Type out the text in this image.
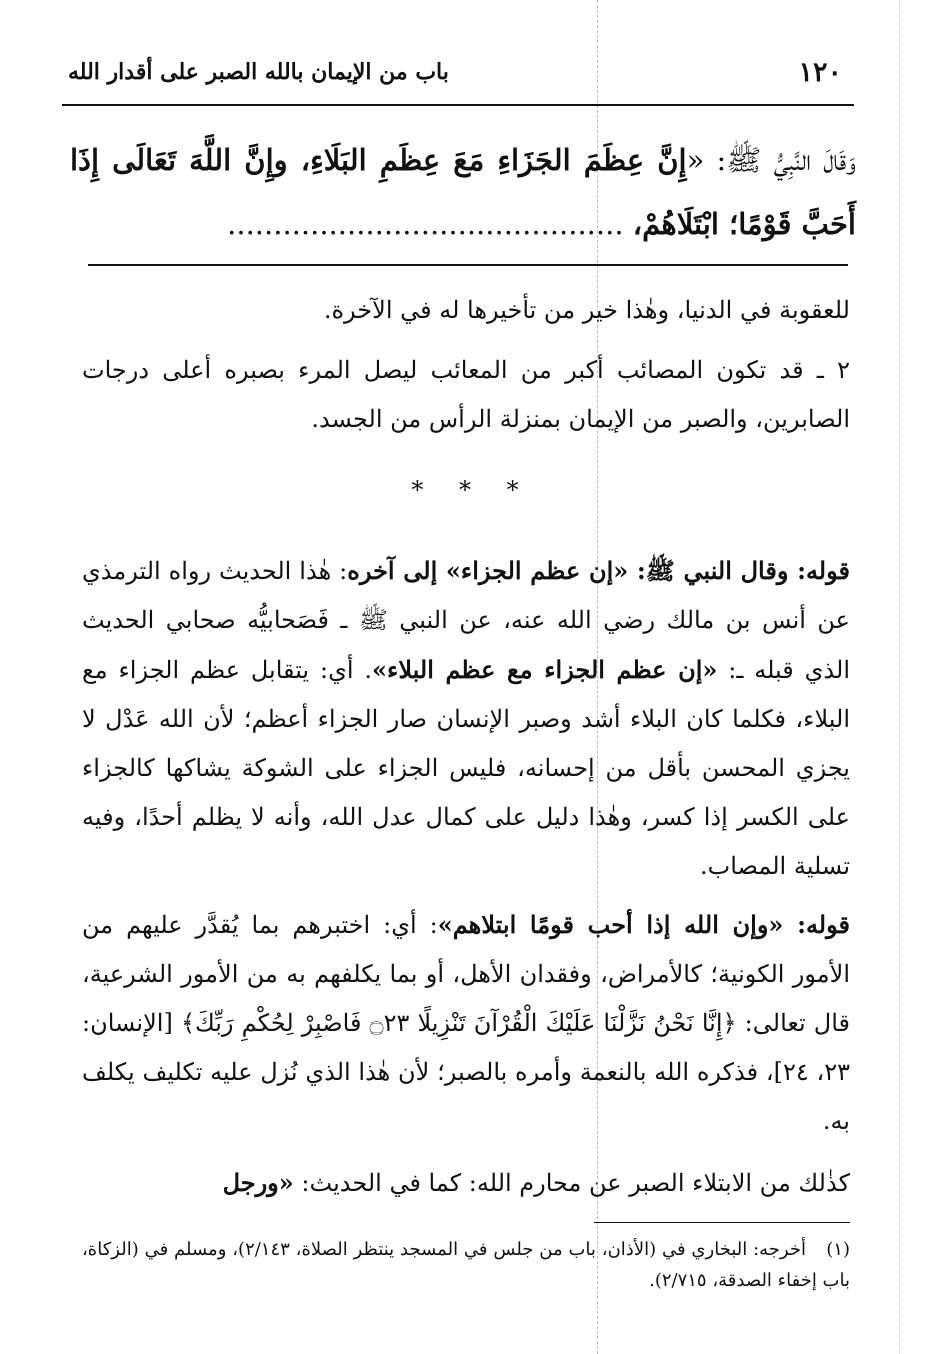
١٢٠
باب من الإيمان بالله الصبر على أقدار الله
وَقَالَ النَّبِيُّ ﷺ: «إِنَّ عِظَمَ الجَزَاءِ مَعَ عِظَمِ البَلَاءِ، وإِنَّ اللَّهَ تَعَالَى إِذَا أَحَبَّ قَوْمًا؛ ابْتَلَاهُمْ، ...........................................

للعقوبة في الدنيا، وهٰذا خير من تأخيرها له في الآخرة.

٢ ـ قد تكون المصائب أكبر من المعائب ليصل المرء بصبره أعلى درجات الصابرين، والصبر من الإيمان بمنزلة الرأس من الجسد.

* * *

قوله: وقال النبي ﷺ: «إن عظم الجزاء» إلى آخره: هٰذا الحديث رواه الترمذي عن أنس بن مالك رضي الله عنه، عن النبي ﷺ ـ فَصَحابيُّه صحابي الحديث الذي قبله ـ: «إن عظم الجزاء مع عظم البلاء». أي: يتقابل عظم الجزاء مع البلاء، فكلما كان البلاء أشد وصبر الإنسان صار الجزاء أعظم؛ لأن الله عَدْل لا يجزي المحسن بأقل من إحسانه، فليس الجزاء على الشوكة يشاكها كالجزاء على الكسر إذا كسر، وهٰذا دليل على كمال عدل الله، وأنه لا يظلم أحدًا، وفيه تسلية المصاب.

قوله: «وإن الله إذا أحب قومًا ابتلاهم»: أي: اختبرهم بما يُقدَّر عليهم من الأمور الكونية؛ كالأمراض، وفقدان الأهل، أو بما يكلفهم به من الأمور الشرعية، قال تعالى: ﴿إِنَّا نَحْنُ نَزَّلْنَا عَلَيْكَ الْقُرْآنَ تَنْزِيلًا ۝٢٣ فَاصْبِرْ لِحُكْمِ رَبِّكَ﴾ [الإنسان: ٢٣، ٢٤]، فذكره الله بالنعمة وأمره بالصبر؛ لأن هٰذا الذي نُزل عليه تكليف يكلف به.

كذٰلك من الابتلاء الصبر عن محارم الله: كما في الحديث: «ورجل

(١)أخرجه: البخاري في (الأذان، باب من جلس في المسجد ينتظر الصلاة، ٢/١٤٣)، ومسلم في (الزكاة، باب إخفاء الصدقة، ٢/٧١٥).
